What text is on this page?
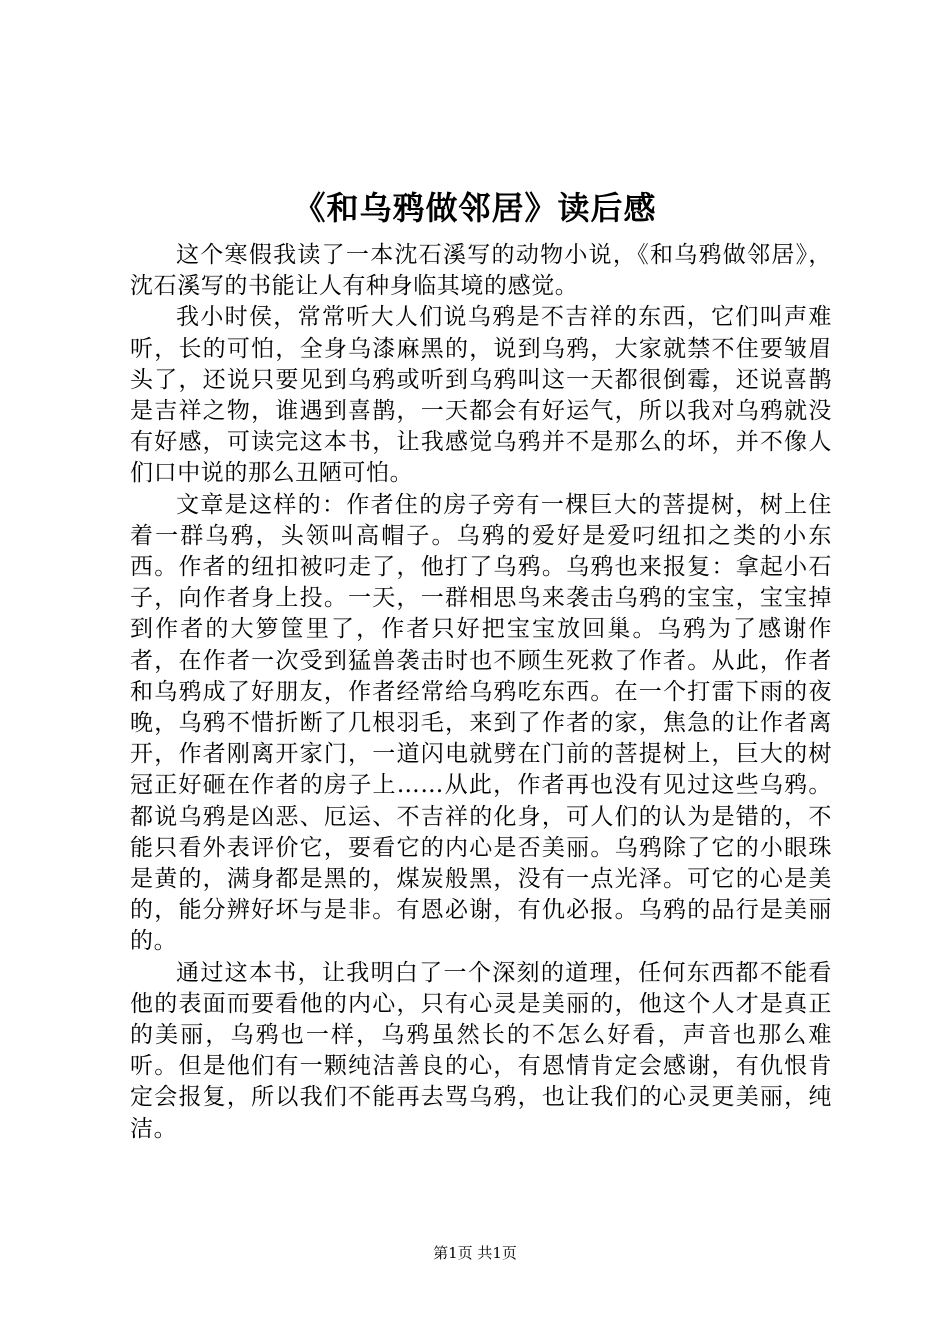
《和乌鸦做邻居》读后感

这个寒假我读了一本沈石溪写的动物小说，《和乌鸦做邻居》，沈石溪写的书能让人有种身临其境的感觉。

我小时侯，常常听大人们说乌鸦是不吉祥的东西，它们叫声难听，长的可怕，全身乌漆麻黑的，说到乌鸦，大家就禁不住要皱眉头了，还说只要见到乌鸦或听到乌鸦叫这一天都很倒霉，还说喜鹊是吉祥之物，谁遇到喜鹊，一天都会有好运气，所以我对乌鸦就没有好感，可读完这本书，让我感觉乌鸦并不是那么的坏，并不像人们口中说的那么丑陋可怕。

文章是这样的：作者住的房子旁有一棵巨大的菩提树，树上住着一群乌鸦，头领叫高帽子。乌鸦的爱好是爱叼纽扣之类的小东西。作者的纽扣被叼走了，他打了乌鸦。乌鸦也来报复：拿起小石子，向作者身上投。一天，一群相思鸟来袭击乌鸦的宝宝，宝宝掉到作者的大箩筐里了，作者只好把宝宝放回巢。乌鸦为了感谢作者，在作者一次受到猛兽袭击时也不顾生死救了作者。从此，作者和乌鸦成了好朋友，作者经常给乌鸦吃东西。在一个打雷下雨的夜晚，乌鸦不惜折断了几根羽毛，来到了作者的家，焦急的让作者离开，作者刚离开家门，一道闪电就劈在门前的菩提树上，巨大的树冠正好砸在作者的房子上……从此，作者再也没有见过这些乌鸦。都说乌鸦是凶恶、厄运、不吉祥的化身，可人们的认为是错的，不能只看外表评价它，要看它的内心是否美丽。乌鸦除了它的小眼珠是黄的，满身都是黑的，煤炭般黑，没有一点光泽。可它的心是美的，能分辨好坏与是非。有恩必谢，有仇必报。乌鸦的品行是美丽的。

通过这本书，让我明白了一个深刻的道理，任何东西都不能看他的表面而要看他的内心，只有心灵是美丽的，他这个人才是真正的美丽，乌鸦也一样，乌鸦虽然长的不怎么好看，声音也那么难听。但是他们有一颗纯洁善良的心，有恩情肯定会感谢，有仇恨肯定会报复，所以我们不能再去骂乌鸦，也让我们的心灵更美丽，纯洁。

第1页 共1页
